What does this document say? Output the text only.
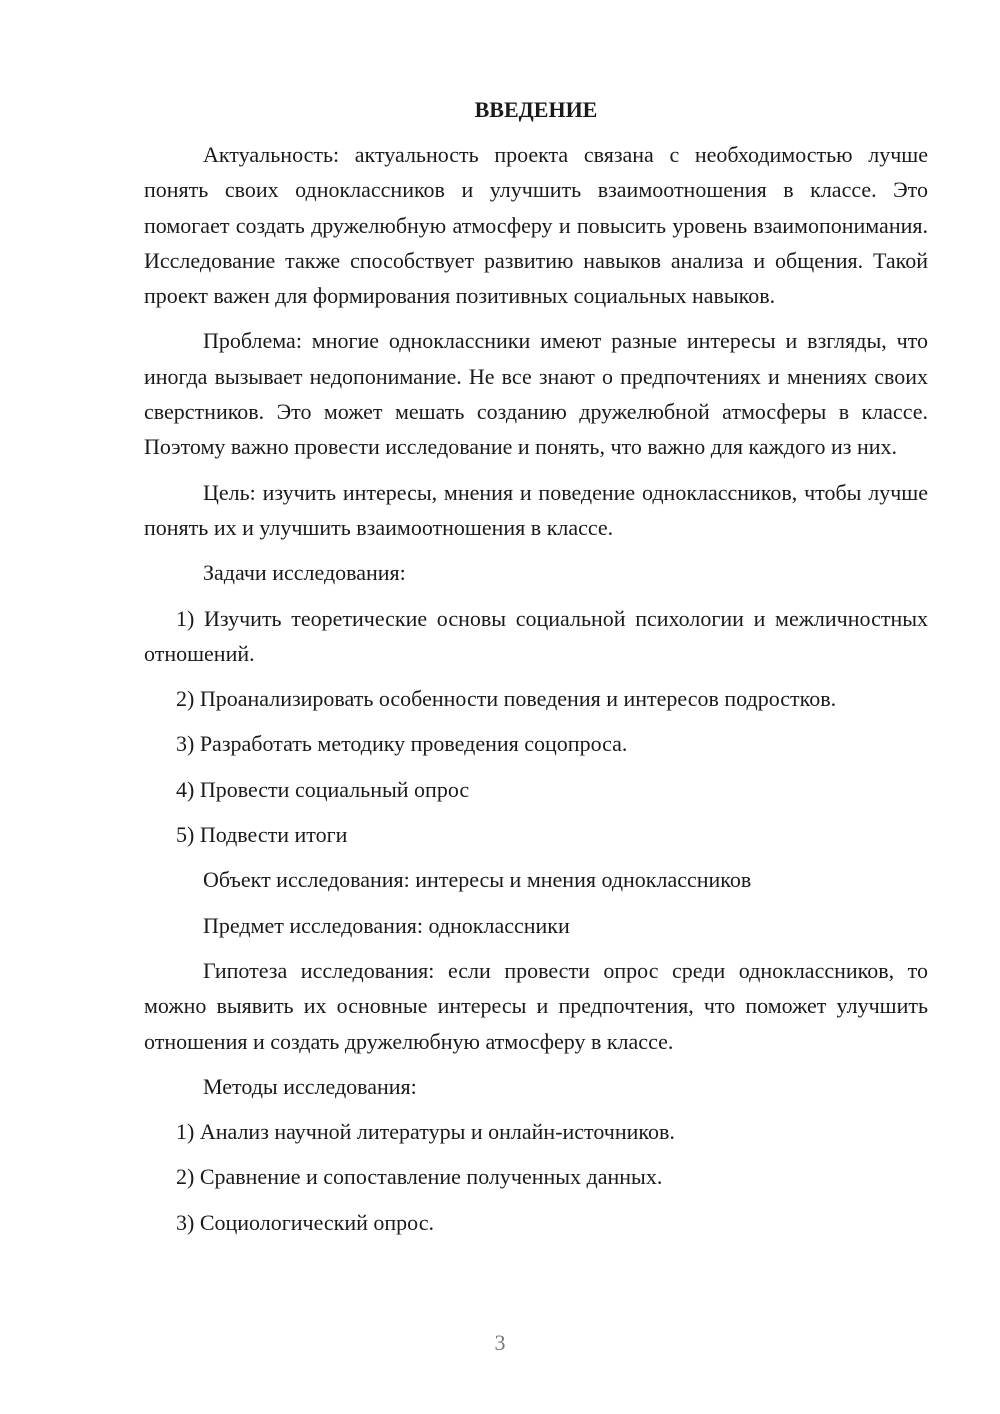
ВВЕДЕНИЕ

Актуальность: актуальность проекта связана с необходимостью лучше понять своих одноклассников и улучшить взаимоотношения в классе. Это помогает создать дружелюбную атмосферу и повысить уровень взаимопонимания. Исследование также способствует развитию навыков анализа и общения. Такой проект важен для формирования позитивных социальных навыков.

Проблема: многие одноклассники имеют разные интересы и взгляды, что иногда вызывает недопонимание. Не все знают о предпочтениях и мнениях своих сверстников. Это может мешать созданию дружелюбной атмосферы в классе. Поэтому важно провести исследование и понять, что важно для каждого из них.

Цель: изучить интересы, мнения и поведение одноклассников, чтобы лучше понять их и улучшить взаимоотношения в классе.

Задачи исследования:

1) Изучить теоретические основы социальной психологии и межличностных отношений.

2) Проанализировать особенности поведения и интересов подростков.

3) Разработать методику проведения соцопроса.

4) Провести социальный опрос

5) Подвести итоги

Объект исследования: интересы и мнения одноклассников

Предмет исследования: одноклассники

Гипотеза исследования: если провести опрос среди одноклассников, то можно выявить их основные интересы и предпочтения, что поможет улучшить отношения и создать дружелюбную атмосферу в классе.

Методы исследования:

1) Анализ научной литературы и онлайн-источников.

2) Сравнение и сопоставление полученных данных.

3) Социологический опрос.

3
